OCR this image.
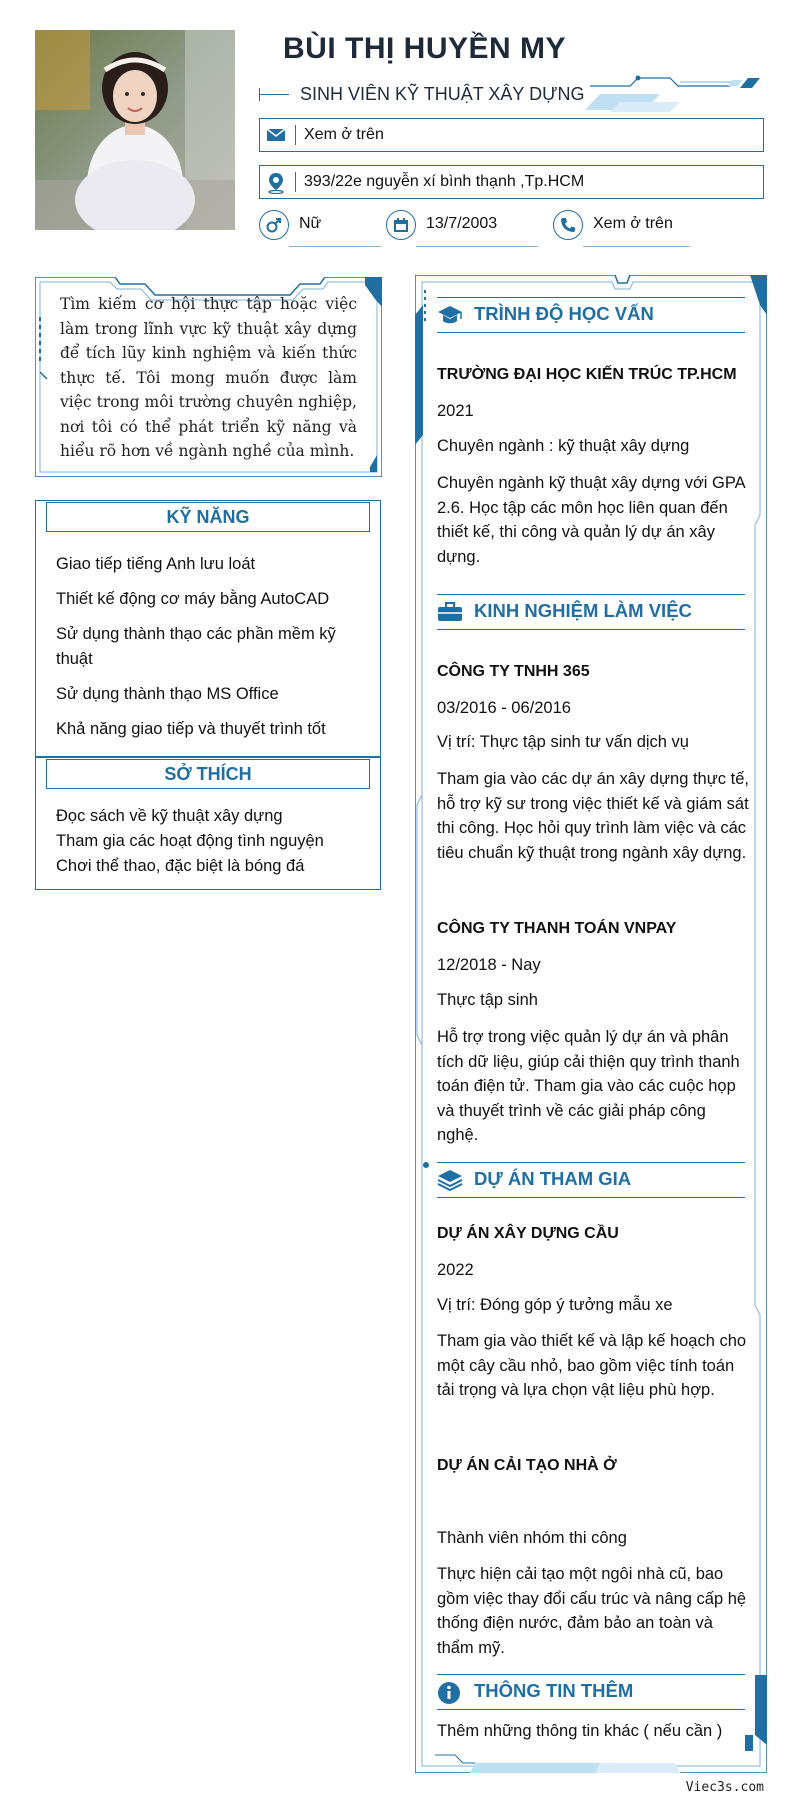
BÙI THỊ HUYỀN MY
SINH VIÊN KỸ THUẬT XÂY DỰNG
Xem ở trên
393/22e nguyễn xí bình thạnh ,Tp.HCM
Nữ	13/7/2003	Xem ở trên
Tìm kiếm cơ hội thực tập hoặc việc làm trong lĩnh vực kỹ thuật xây dựng để tích lũy kinh nghiệm và kiến thức thực tế. Tôi mong muốn được làm việc trong môi trường chuyên nghiệp, nơi tôi có thể phát triển kỹ năng và hiểu rõ hơn về ngành nghề của mình.
KỸ NĂNG
Giao tiếp tiếng Anh lưu loát
Thiết kế động cơ máy bằng AutoCAD
Sử dụng thành thạo các phần mềm kỹ thuật
Sử dụng thành thạo MS Office
Khả năng giao tiếp và thuyết trình tốt
SỞ THÍCH
Đọc sách về kỹ thuật xây dựng
Tham gia các hoạt động tình nguyện
Chơi thể thao, đặc biệt là bóng đá
TRÌNH ĐỘ HỌC VẤN
TRƯỜNG ĐẠI HỌC KIẾN TRÚC TP.HCM
2021
Chuyên ngành : kỹ thuật xây dựng
Chuyên ngành kỹ thuật xây dựng với GPA 2.6. Học tập các môn học liên quan đến thiết kế, thi công và quản lý dự án xây dựng.
KINH NGHIỆM LÀM VIỆC
CÔNG TY TNHH 365
03/2016 - 06/2016
Vị trí: Thực tập sinh tư vấn dịch vụ
Tham gia vào các dự án xây dựng thực tế, hỗ trợ kỹ sư trong việc thiết kế và giám sát thi công. Học hỏi quy trình làm việc và các tiêu chuẩn kỹ thuật trong ngành xây dựng.
CÔNG TY THANH TOÁN VNPAY
12/2018 - Nay
Thực tập sinh
Hỗ trợ trong việc quản lý dự án và phân tích dữ liệu, giúp cải thiện quy trình thanh toán điện tử. Tham gia vào các cuộc họp và thuyết trình về các giải pháp công nghệ.
DỰ ÁN THAM GIA
DỰ ÁN XÂY DỰNG CẦU
2022
Vị trí: Đóng góp ý tưởng mẫu xe
Tham gia vào thiết kế và lập kế hoạch cho một cây cầu nhỏ, bao gồm việc tính toán tải trọng và lựa chọn vật liệu phù hợp.
DỰ ÁN CẢI TẠO NHÀ Ở
Thành viên nhóm thi công
Thực hiện cải tạo một ngôi nhà cũ, bao gồm việc thay đổi cấu trúc và nâng cấp hệ thống điện nước, đảm bảo an toàn và thẩm mỹ.
THÔNG TIN THÊM
Thêm những thông tin khác ( nếu cần )
Viec3s.com
